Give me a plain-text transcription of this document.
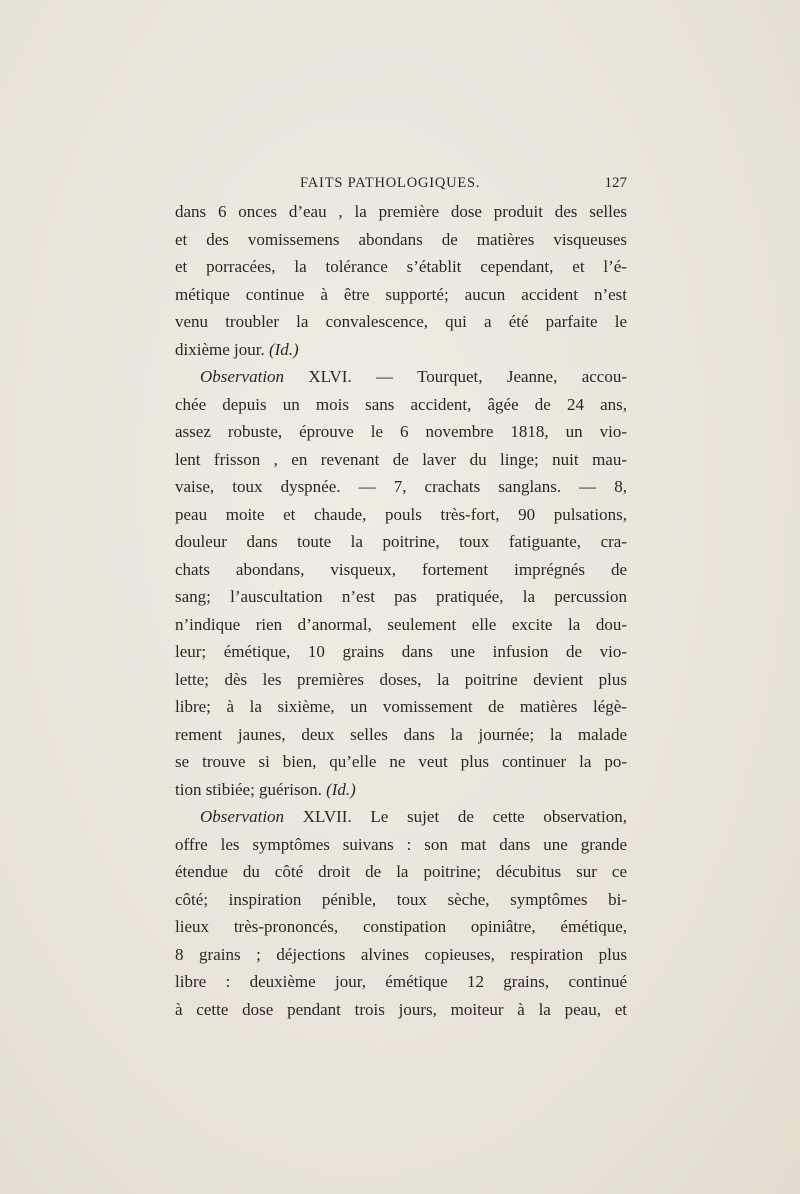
FAITS PATHOLOGIQUES.	127
dans 6 onces d’eau , la première dose produit des selles
et des vomissemens abondans de matières visqueuses
et porracées, la tolérance s’établit cependant, et l’é-
métique continue à être supporté; aucun accident n’est
venu troubler la convalescence, qui a été parfaite le
dixième jour. (Id.)
Observation XLVI. — Tourquet, Jeanne, accou-
chée depuis un mois sans accident, âgée de 24 ans,
assez robuste, éprouve le 6 novembre 1818, un vio-
lent frisson , en revenant de laver du linge; nuit mau-
vaise, toux dyspnée. — 7, crachats sanglans. — 8,
peau moite et chaude, pouls très-fort, 90 pulsations,
douleur dans toute la poitrine, toux fatiguante, cra-
chats abondans, visqueux, fortement imprégnés de
sang; l’auscultation n’est pas pratiquée, la percussion
n’indique rien d’anormal, seulement elle excite la dou-
leur; émétique, 10 grains dans une infusion de vio-
lette; dès les premières doses, la poitrine devient plus
libre; à la sixième, un vomissement de matières légè-
rement jaunes, deux selles dans la journée; la malade
se trouve si bien, qu’elle ne veut plus continuer la po-
tion stibiée; guérison. (Id.)
Observation XLVII. Le sujet de cette observation,
offre les symptômes suivans : son mat dans une grande
étendue du côté droit de la poitrine; décubitus sur ce
côté; inspiration pénible, toux sèche, symptômes bi-
lieux très-prononcés, constipation opiniâtre, émétique,
8 grains ; déjections alvines copieuses, respiration plus
libre : deuxième jour, émétique 12 grains, continué
à cette dose pendant trois jours, moiteur à la peau, et
